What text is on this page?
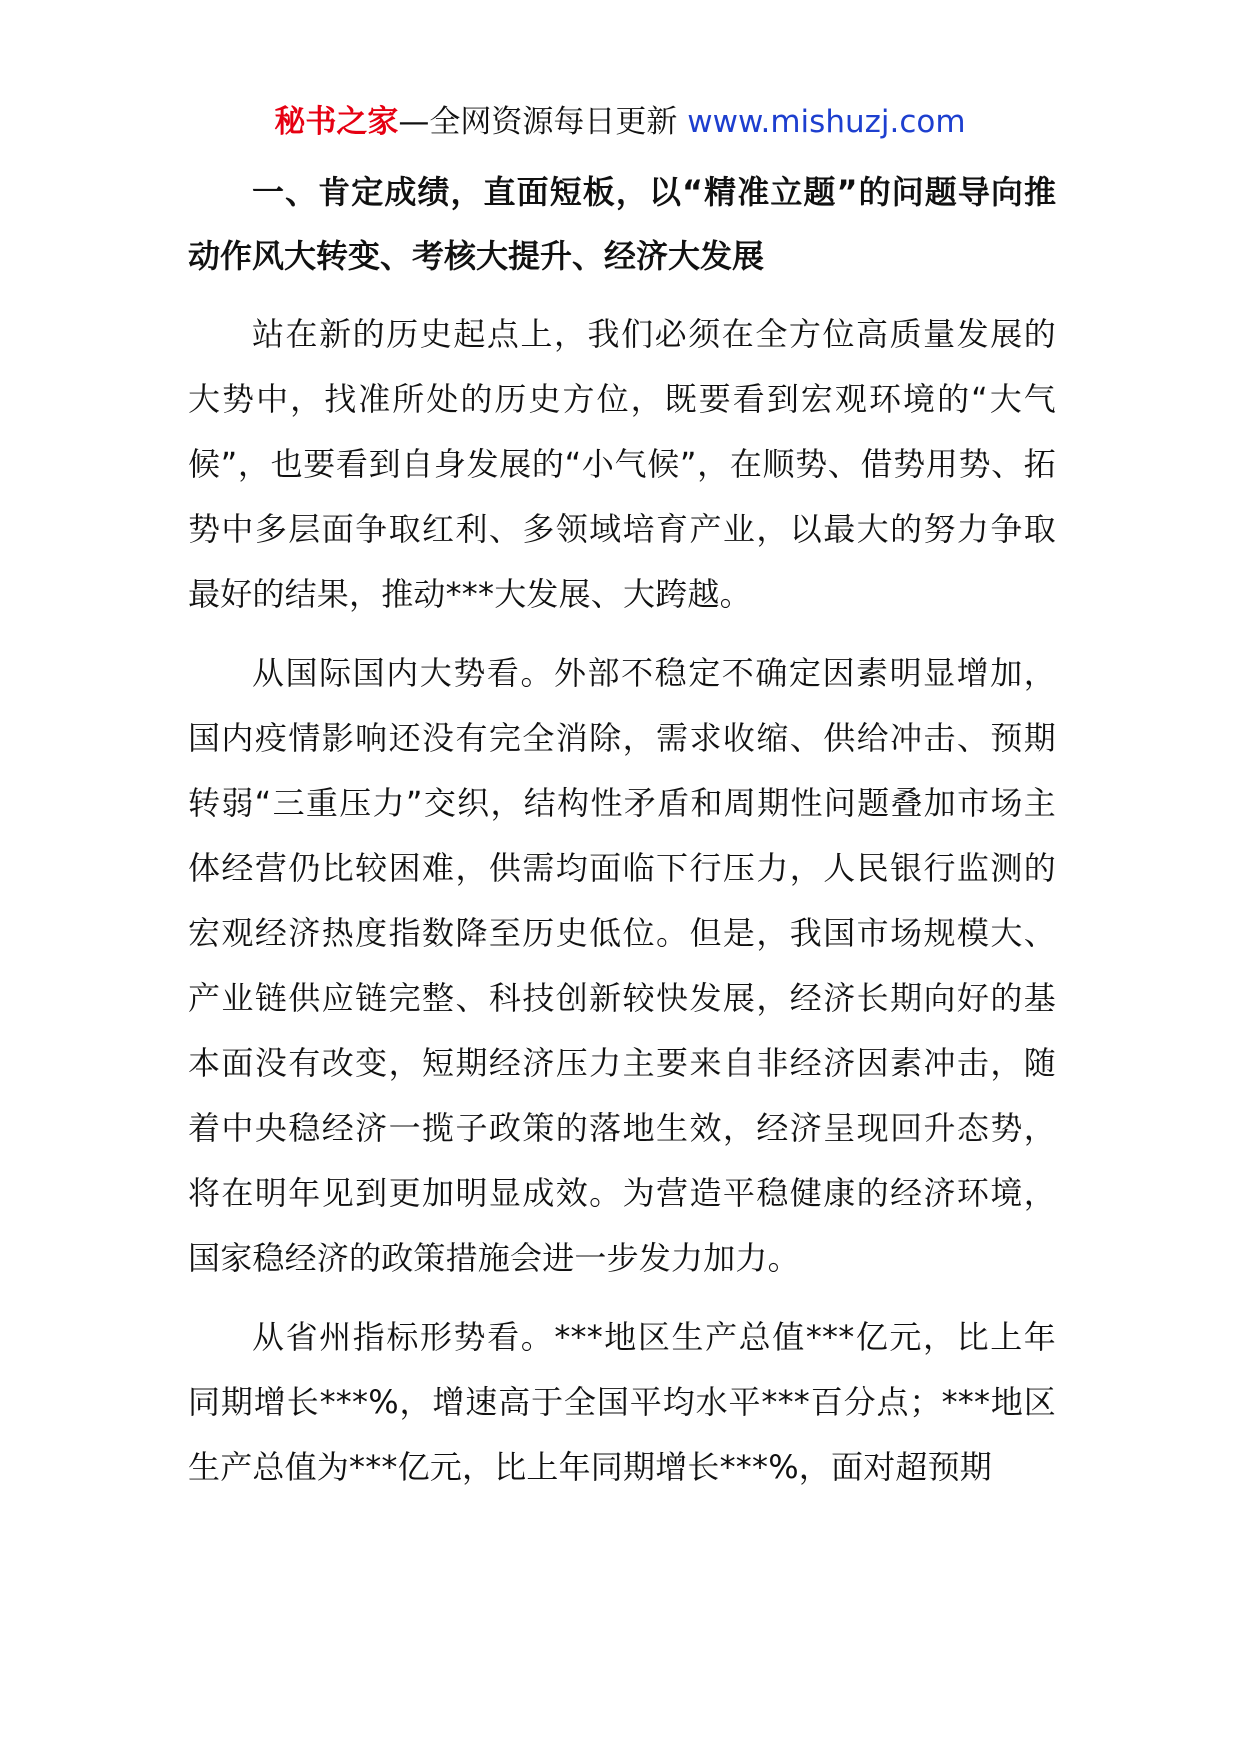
秘书之家—全网资源每日更新 www.mishuzj.com

一、肯定成绩，直面短板，以“精准立题”的问题导向推动作风大转变、考核大提升、经济大发展

站在新的历史起点上，我们必须在全方位高质量发展的大势中，找准所处的历史方位，既要看到宏观环境的“大气候”，也要看到自身发展的“小气候”，在顺势、借势用势、拓势中多层面争取红利、多领域培育产业，以最大的努力争取最好的结果，推动***大发展、大跨越。

从国际国内大势看。外部不稳定不确定因素明显增加，国内疫情影响还没有完全消除，需求收缩、供给冲击、预期转弱“三重压力”交织，结构性矛盾和周期性问题叠加市场主体经营仍比较困难，供需均面临下行压力，人民银行监测的宏观经济热度指数降至历史低位。但是，我国市场规模大、产业链供应链完整、科技创新较快发展，经济长期向好的基本面没有改变，短期经济压力主要来自非经济因素冲击，随着中央稳经济一揽子政策的落地生效，经济呈现回升态势，将在明年见到更加明显成效。为营造平稳健康的经济环境，国家稳经济的政策措施会进一步发力加力。

从省州指标形势看。***地区生产总值***亿元，比上年同期增长***%，增速高于全国平均水平***百分点；***地区生产总值为***亿元，比上年同期增长***%，面对超预期
